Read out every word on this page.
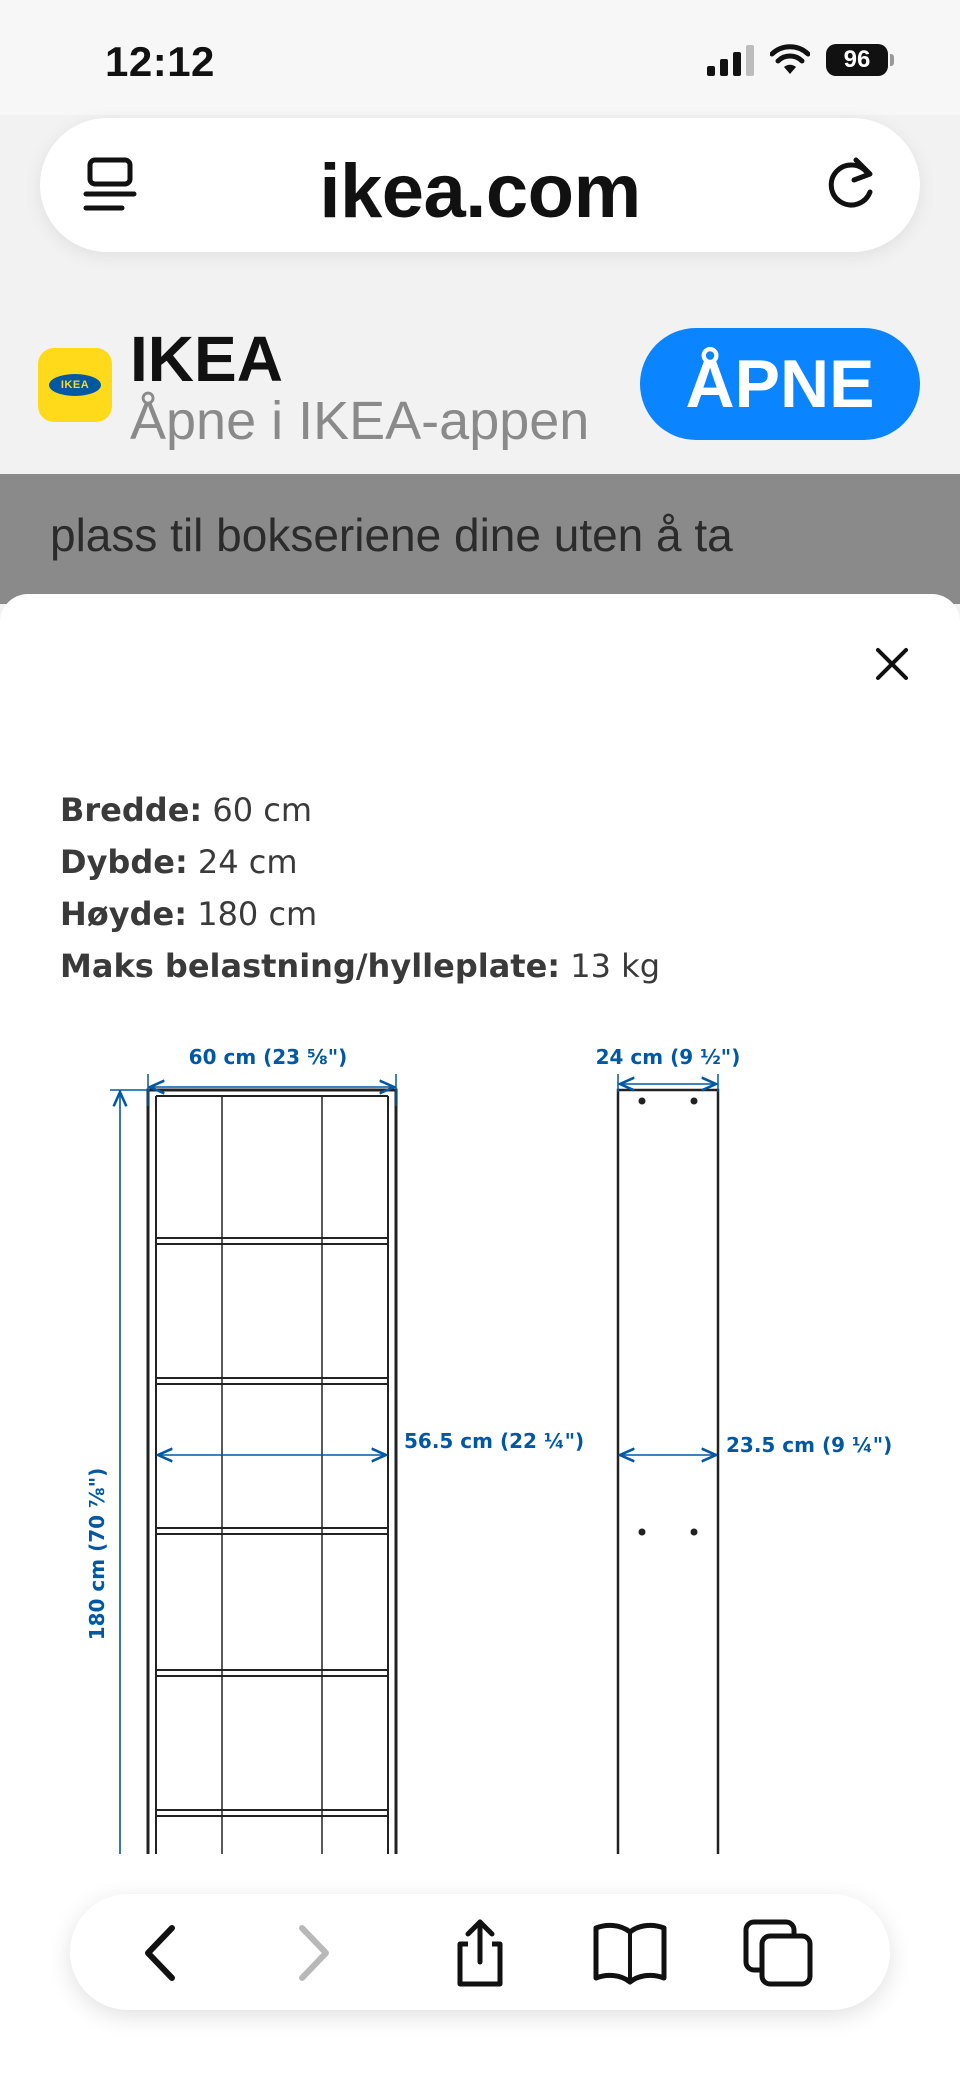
12:12	96
ikea.com
IKEA IKEA
Åpne i IKEA-appen	ÅPNE

plass til bokseriene dine uten å ta

Bredde: 60 cm
Dybde: 24 cm
Høyde: 180 cm
Maks belastning/hylleplate: 13 kg
60 cm (23 ⅝")
180 cm (70 ⅞")
56.5 cm (22 ¼")
24 cm (9 ½")
23.5 cm (9 ¼")
